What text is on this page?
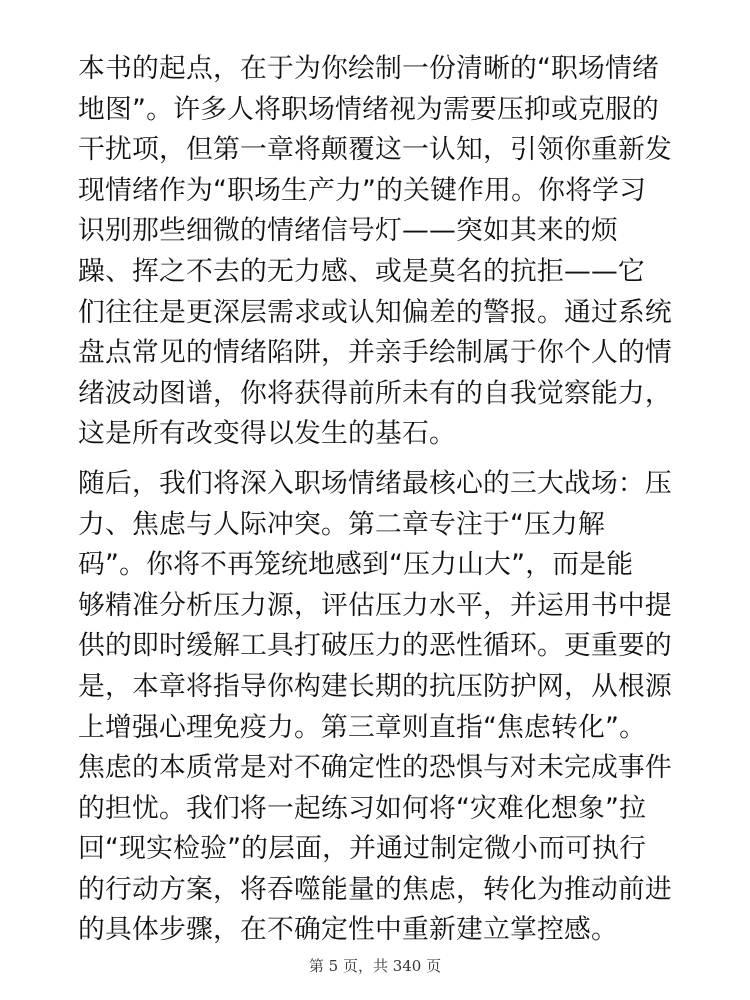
本书的起点，在于为你绘制一份清晰的“职场情绪
地图”。许多人将职场情绪视为需要压抑或克服的
干扰项，但第一章将颠覆这一认知，引领你重新发
现情绪作为“职场生产力”的关键作用。你将学习
识别那些细微的情绪信号灯——突如其来的烦
躁、挥之不去的无力感、或是莫名的抗拒——它
们往往是更深层需求或认知偏差的警报。通过系统
盘点常见的情绪陷阱，并亲手绘制属于你个人的情
绪波动图谱，你将获得前所未有的自我觉察能力，
这是所有改变得以发生的基石。

随后，我们将深入职场情绪最核心的三大战场：压
力、焦虑与人际冲突。第二章专注于“压力解
码”。你将不再笼统地感到“压力山大”，而是能
够精准分析压力源，评估压力水平，并运用书中提
供的即时缓解工具打破压力的恶性循环。更重要的
是，本章将指导你构建长期的抗压防护网，从根源
上增强心理免疫力。第三章则直指“焦虑转化”。
焦虑的本质常是对不确定性的恐惧与对未完成事件
的担忧。我们将一起练习如何将“灾难化想象”拉
回“现实检验”的层面，并通过制定微小而可执行
的行动方案，将吞噬能量的焦虑，转化为推动前进
的具体步骤，在不确定性中重新建立掌控感。

第 5 页，共 340 页
